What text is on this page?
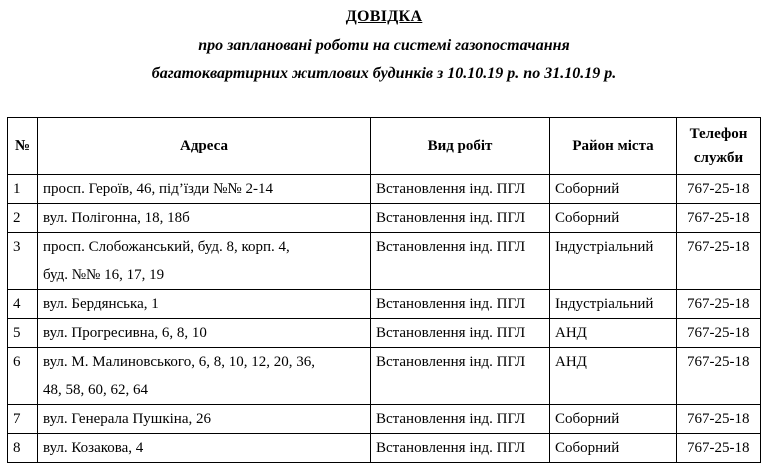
ДОВІДКА
про заплановані роботи на системі газопостачання
багатоквартирних житлових будинків з 10.10.19 р. по 31.10.19 р.
№	Адреса	Вид робіт	Район міста	Телефон служби
1	просп. Героїв, 46, під’їзди №№ 2-14	Встановлення інд. ПГЛ	Соборний	767-25-18
2	вул. Полігонна, 18, 18б	Встановлення інд. ПГЛ	Соборний	767-25-18
3	просп. Слобожанський, буд. 8, корп. 4,
буд. №№ 16, 17, 19	Встановлення інд. ПГЛ	Індустріальний	767-25-18
4	вул. Бердянська, 1	Встановлення інд. ПГЛ	Індустріальний	767-25-18
5	вул. Прогресивна, 6, 8, 10	Встановлення інд. ПГЛ	АНД	767-25-18
6	вул. М. Малиновського, 6, 8, 10, 12, 20, 36,
48, 58, 60, 62, 64	Встановлення інд. ПГЛ	АНД	767-25-18
7	вул. Генерала Пушкіна, 26	Встановлення інд. ПГЛ	Соборний	767-25-18
8	вул. Козакова, 4	Встановлення інд. ПГЛ	Соборний	767-25-18
